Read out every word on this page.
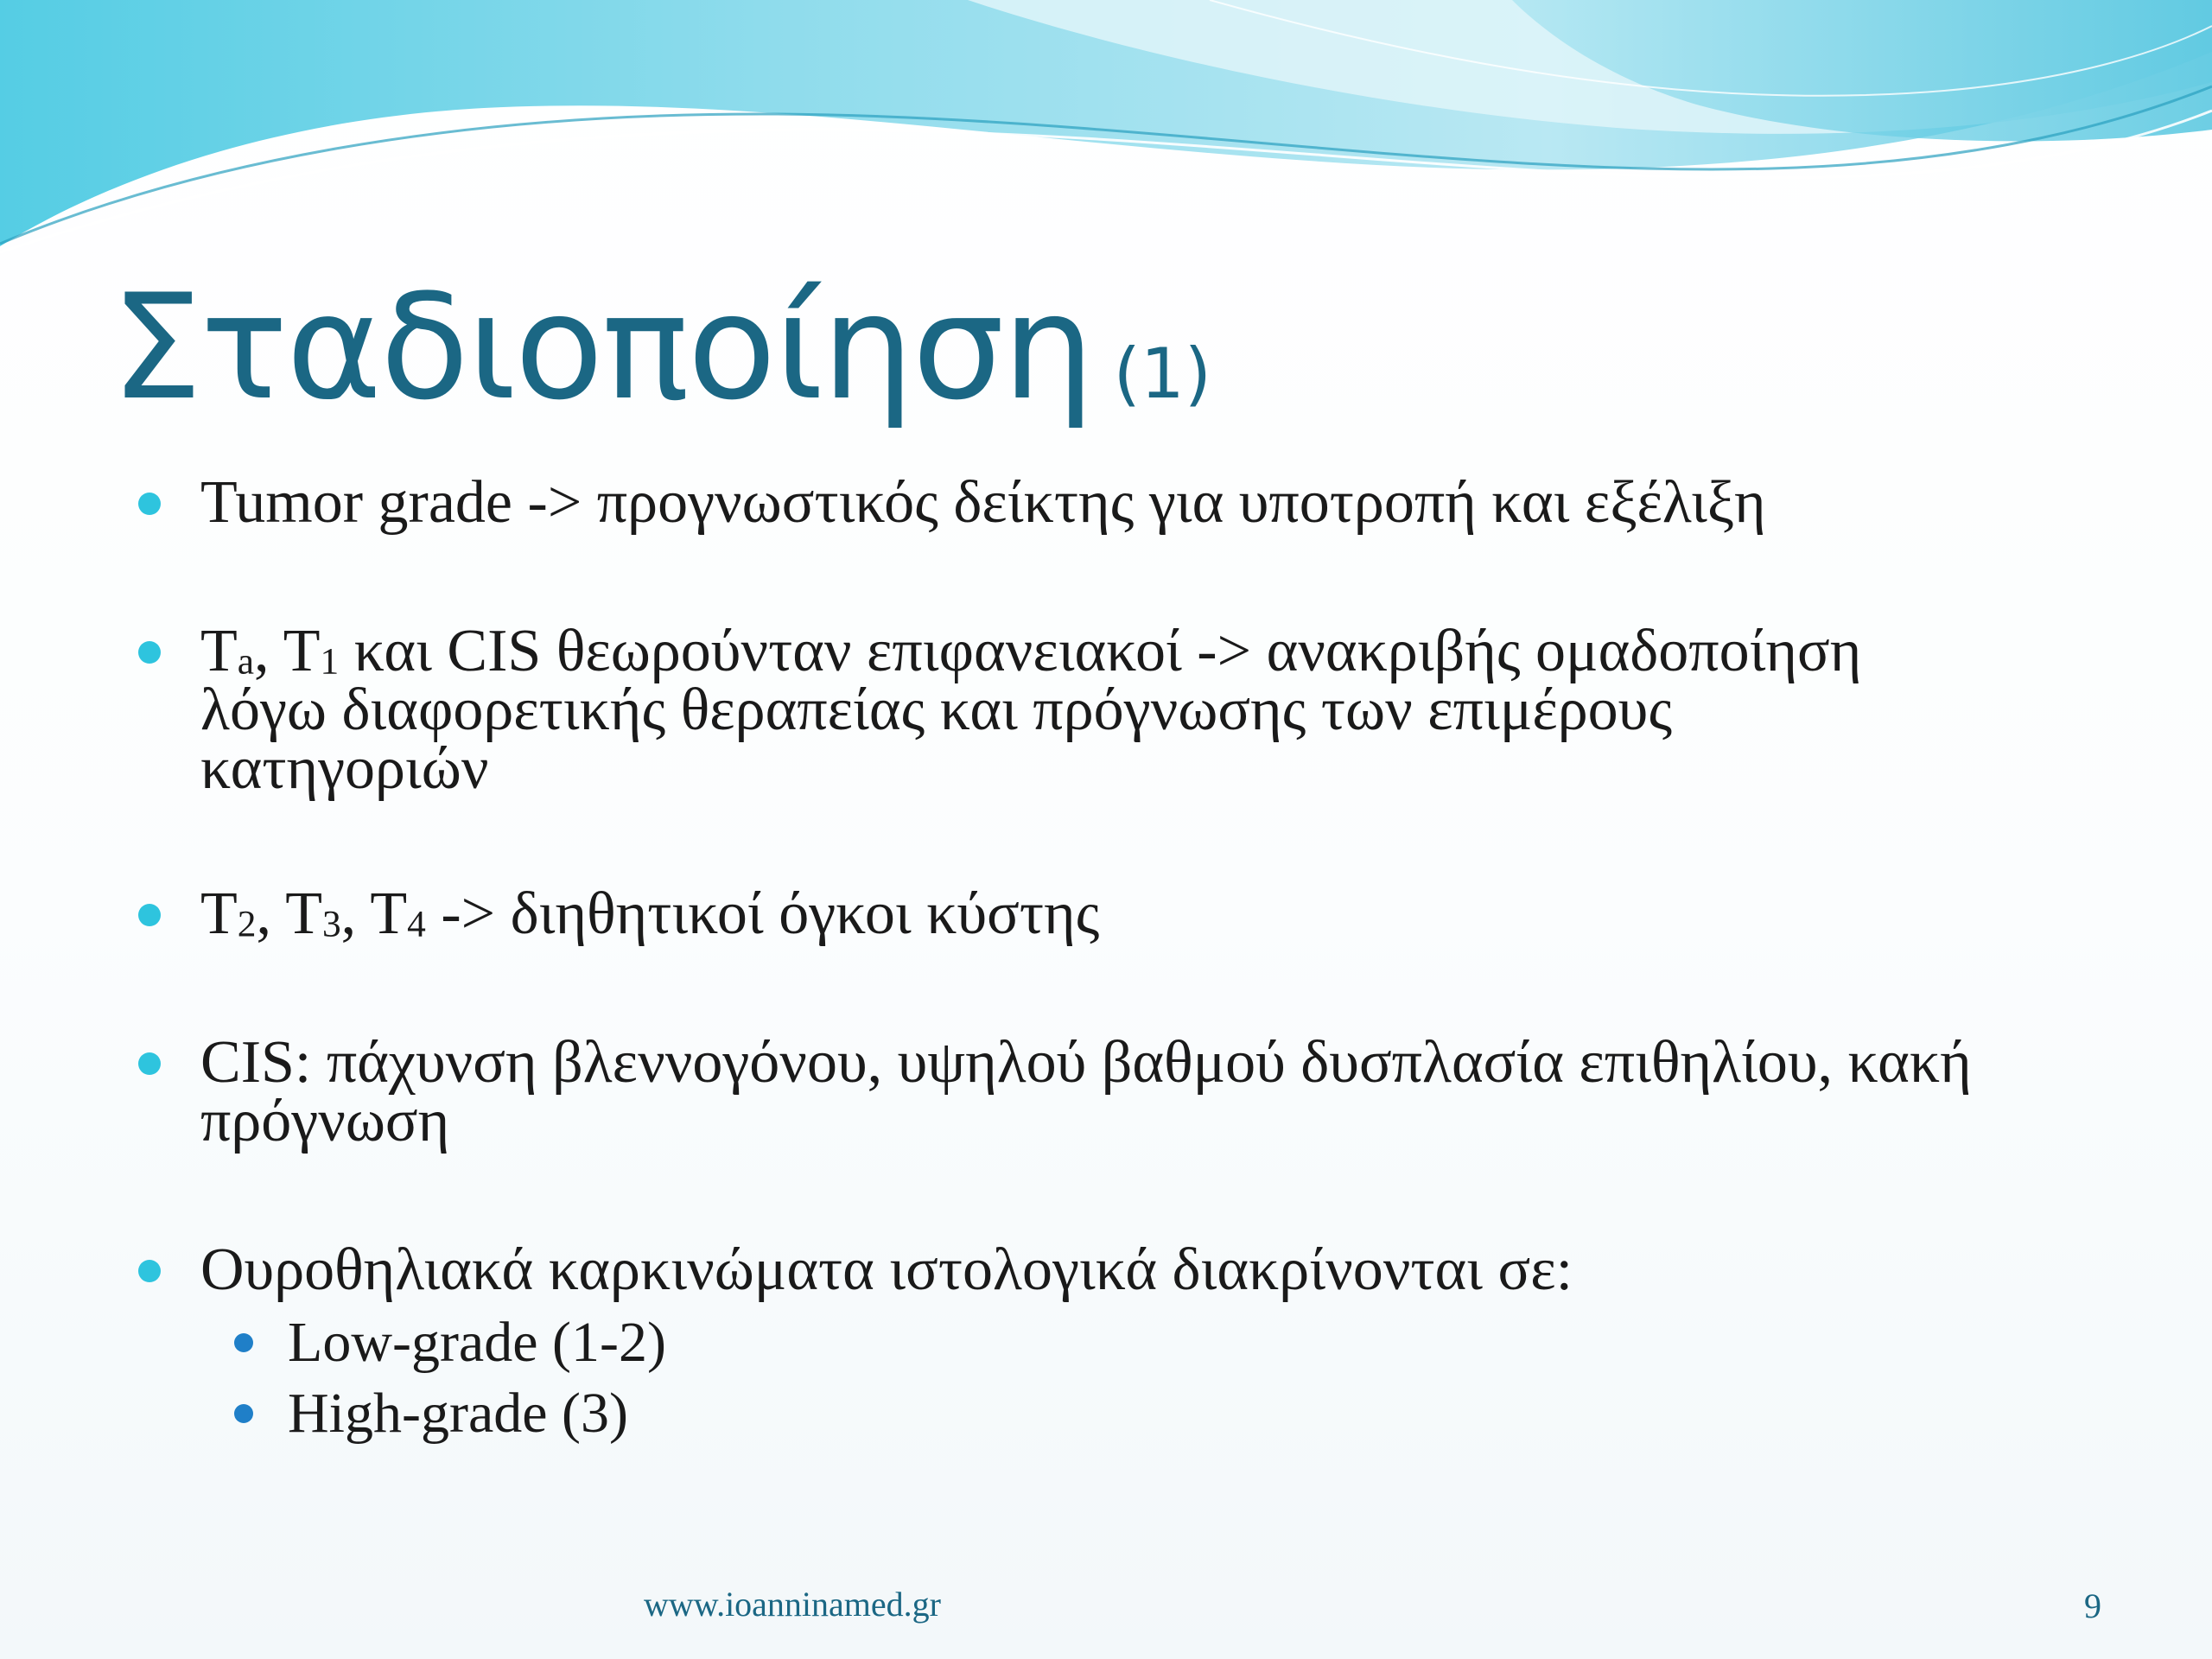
Σταδιοποίηση (1)
Tumor grade -> προγνωστικός δείκτης για υποτροπή και εξέλιξη
$T_a$, $T_1$ και CIS θεωρούνταν επιφανειακοί -> ανακριβής ομαδοποίηση
λόγω διαφορετικής θεραπείας και πρόγνωσης των επιμέρους
κατηγοριών
$T_2$, $T_3$, $T_4 -> \delta\iota\eta\theta\eta\tau\iota\kappa oί$ όγκοι κύστης
CIS: πάχυνση βλεννογόνου, υψηλού βαθμού δυσπλασία επιθηλίου, κακή
πρόγνωση
Ουροθηλιακά καρκινώματα ιστολογικά διακρίνονται σε:
Low-grade (1-2)
High-grade (3)
www.ioanninamed.gr	9
